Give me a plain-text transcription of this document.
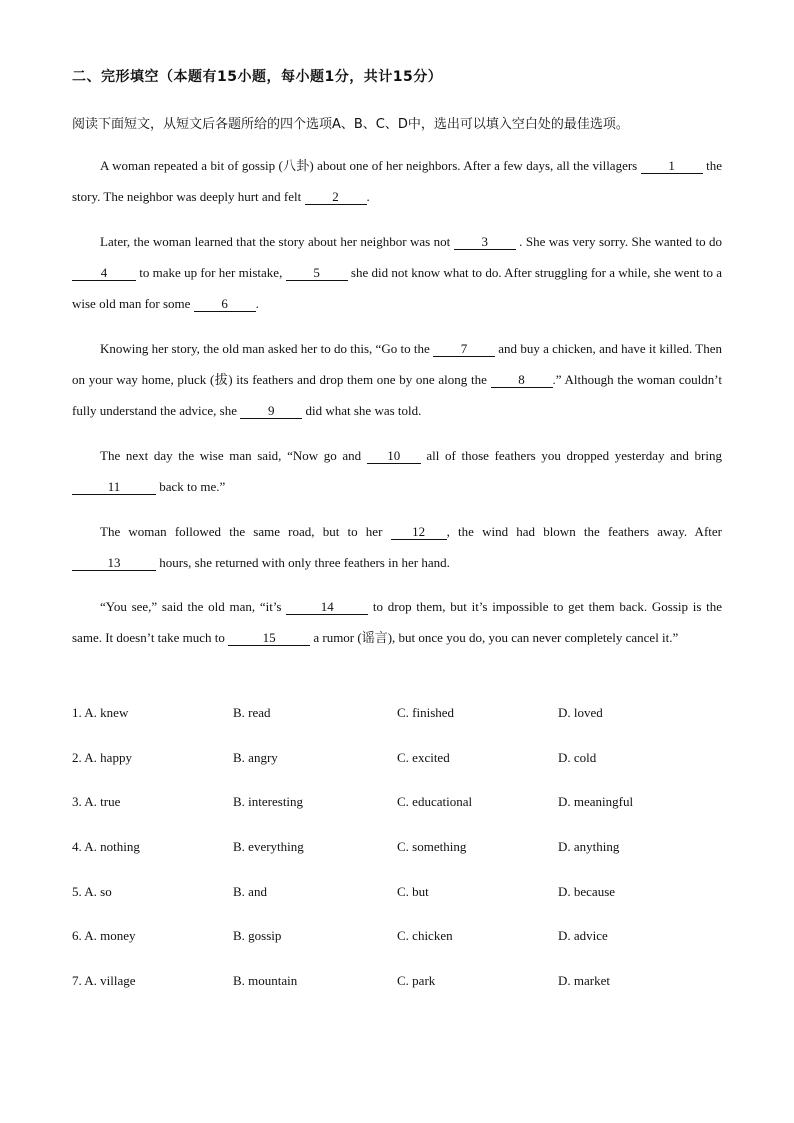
二、完形填空（本题有15小题，每小题1分，共计15分）
阅读下面短文，从短文后各题所给的四个选项A、B、C、D中，选出可以填入空白处的最佳选项。

A woman repeated a bit of gossip (八卦) about one of her neighbors. After a few days, all the villagers 1 the story. The neighbor was deeply hurt and felt 2 .

Later, the woman learned that the story about her neighbor was not 3 . She was very sorry. She wanted to do 4 to make up for her mistake, 5 she did not know what to do. After struggling for a while, she went to a wise old man for some 6 .

Knowing her story, the old man asked her to do this, “Go to the 7 and buy a chicken, and have it killed. Then on your way home, pluck (拔) its feathers and drop them one by one along the 8 .” Although the woman couldn’t fully understand the advice, she 9 did what she was told.

The next day the wise man said, “Now go and 10 all of those feathers you dropped yesterday and bring 11	back to me.”

The woman followed the same road, but to her 12 , the wind had blown the feathers away. After 13	hours, she returned with only three feathers in her hand.

“You see,” said the old man, “it’s	14	to drop them, but it’s impossible to get them back. Gossip is the same. It doesn’t take much to	15	a rumor (谣言), but once you do, you can never completely cancel it.”

1. A. knew	B. read	C. finished	D. loved
2. A. happy	B. angry	C. excited	D. cold
3. A. true	B. interesting	C. educational	D. meaningful
4. A. nothing	B. everything	C. something	D. anything
5. A. so	B. and	C. but	D. because
6. A. money	B. gossip	C. chicken	D. advice
7. A. village	B. mountain	C. park	D. market
